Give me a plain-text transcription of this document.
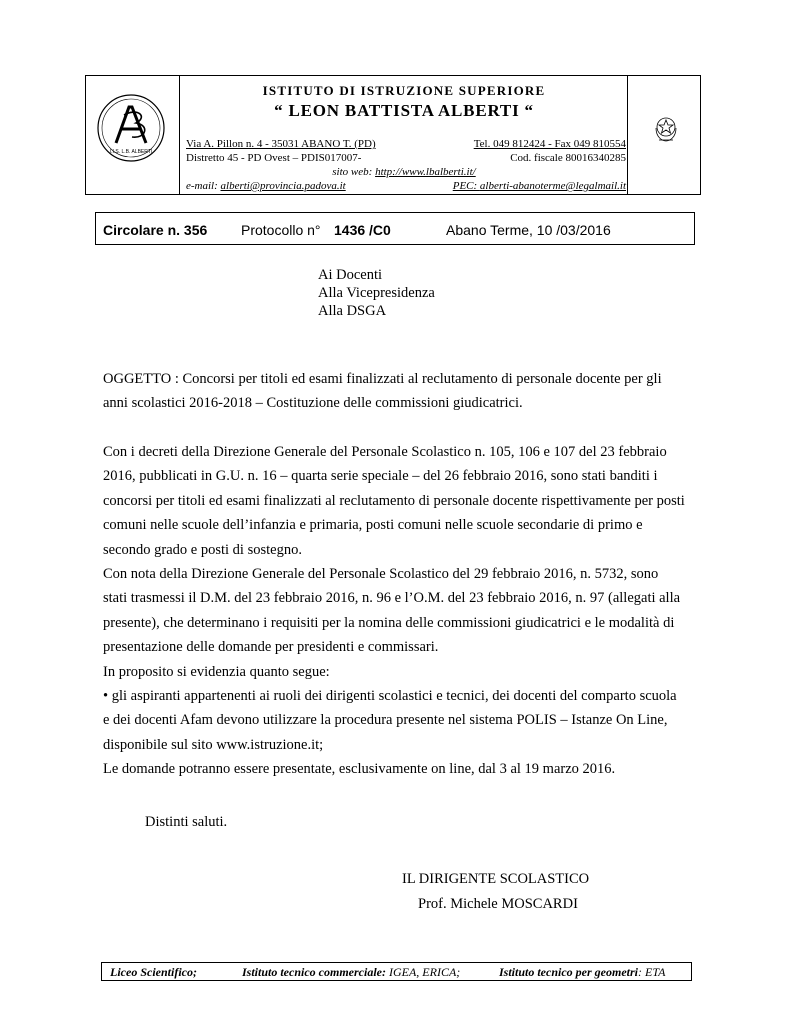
I.I.S. L.B. ALBERTI
ISTITUTO DI ISTRUZIONE SUPERIORE
“ LEON BATTISTA ALBERTI “
Via A. Pillon n. 4 - 35031 ABANO T. (PD)	Tel. 049 812424 - Fax 049 810554
Distretto 45 - PD Ovest – PDIS017007-	Cod. fiscale 80016340285
sito web: http://www.lbalberti.it/
e-mail: alberti@provincia.padova.it	PEC: alberti-abanoterme@legalmail.it
Circolare n. 356 Protocollo n° 1436 /C0	Abano Terme, 10 /03/2016
Ai Docenti
Alla Vicepresidenza
Alla DSGA
OGGETTO : Concorsi per titoli ed esami finalizzati al reclutamento di personale docente per gli
anni scolastici 2016-2018 – Costituzione delle commissioni giudicatrici.
Con i decreti della Direzione Generale del Personale Scolastico n. 105, 106 e 107 del 23 febbraio
2016, pubblicati in G.U. n. 16 – quarta serie speciale – del 26 febbraio 2016, sono stati banditi i
concorsi per titoli ed esami finalizzati al reclutamento di personale docente rispettivamente per posti
comuni nelle scuole dell’infanzia e primaria, posti comuni nelle scuole secondarie di primo e
secondo grado e posti di sostegno.
Con nota della Direzione Generale del Personale Scolastico del 29 febbraio 2016, n. 5732, sono
stati trasmessi il D.M. del 23 febbraio 2016, n. 96 e l’O.M. del 23 febbraio 2016, n. 97 (allegati alla
presente), che determinano i requisiti per la nomina delle commissioni giudicatrici e le modalità di
presentazione delle domande per presidenti e commissari.
In proposito si evidenzia quanto segue:
• gli aspiranti appartenenti ai ruoli dei dirigenti scolastici e tecnici, dei docenti del comparto scuola
e dei docenti Afam devono utilizzare la procedura presente nel sistema POLIS – Istanze On Line,
disponibile sul sito www.istruzione.it;
Le domande potranno essere presentate, esclusivamente on line, dal 3 al 19 marzo 2016.
Distinti saluti.
IL DIRIGENTE SCOLASTICO
Prof. Michele MOSCARDI
Liceo Scientifico;	Istituto tecnico commerciale: IGEA, ERICA;	Istituto tecnico per geometri: ETA
